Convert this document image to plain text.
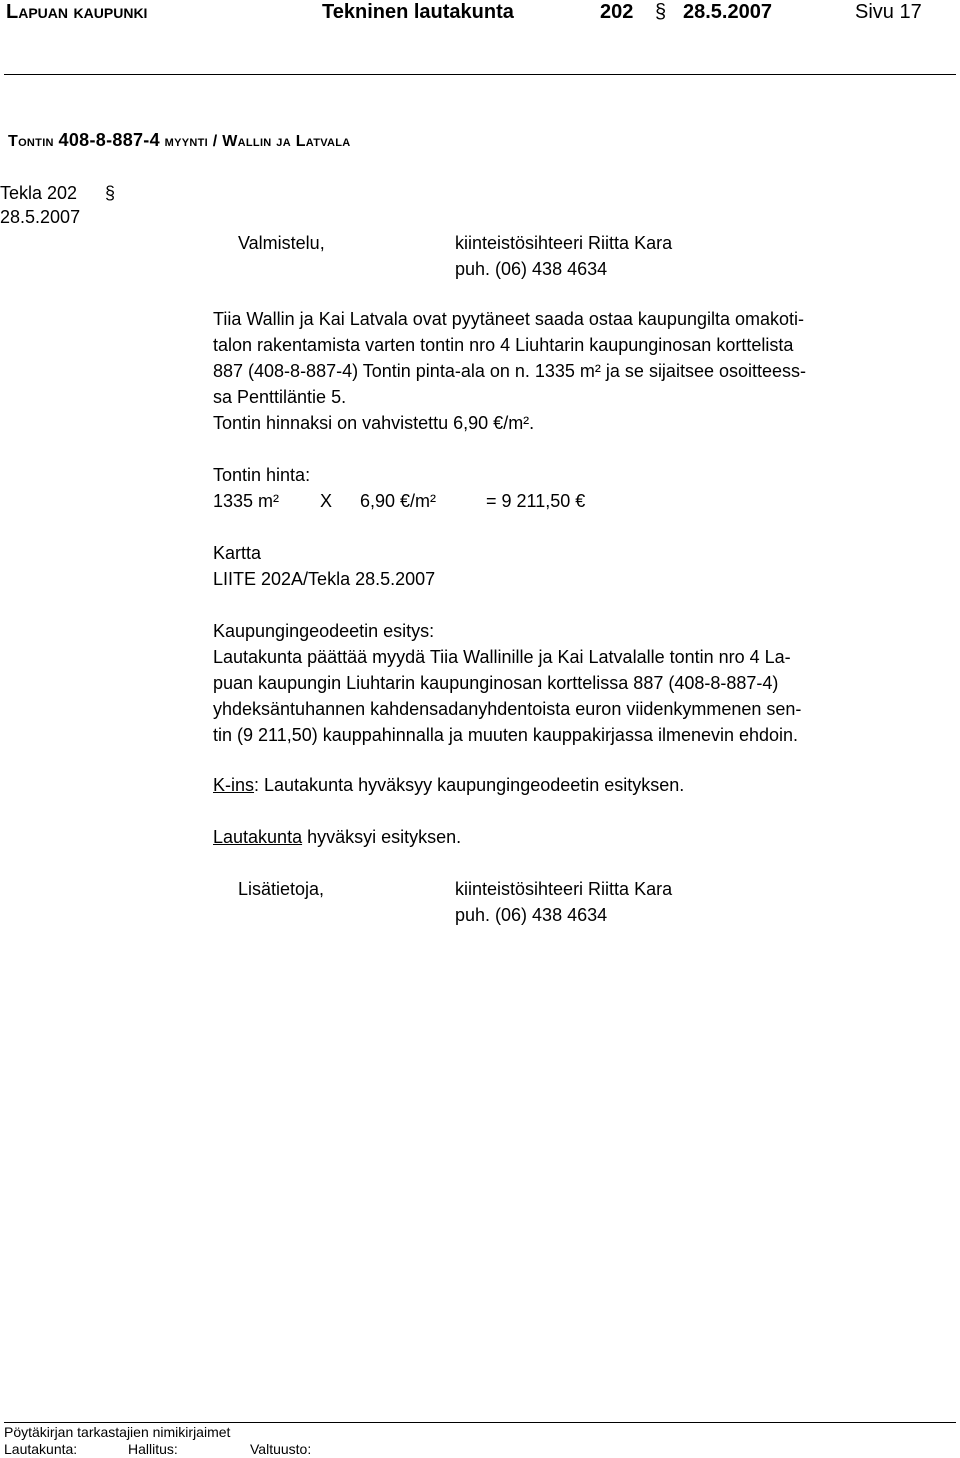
Lapuan kaupunki	Tekninen lautakunta	202 § 28.5.2007	Sivu 17
Tontin 408-8-887-4 myynti / Wallin ja Latvala
Tekla 202 §
28.5.2007
Valmistelu,	kiinteistösihteeri Riitta Kara
puh. (06) 438 4634
Tiia Wallin ja Kai Latvala ovat pyytäneet saada ostaa kaupungilta omakoti-
talon rakentamista varten tontin nro 4 Liuhtarin kaupunginosan korttelista
887 (408-8-887-4) Tontin pinta-ala on n. 1335 m² ja se sijaitsee osoitteess-
sa Penttiläntie 5.
Tontin hinnaksi on vahvistettu 6,90 €/m².
Tontin hinta:
1335 m² X 6,90 €/m²	= 9 211,50 €
Kartta
LIITE 202A/Tekla 28.5.2007
Kaupungingeodeetin esitys:
Lautakunta päättää myydä Tiia Wallinille ja Kai Latvalalle tontin nro 4 La-
puan kaupungin Liuhtarin kaupunginosan korttelissa 887 (408-8-887-4)
yhdeksäntuhannen kahdensadanyhdentoista euron viidenkymmenen sen-
tin (9 211,50) kauppahinnalla ja muuten kauppakirjassa ilmenevin ehdoin.
K-ins: Lautakunta hyväksyy kaupungingeodeetin esityksen.
Lautakunta hyväksyi esityksen.
Lisätietoja,	kiinteistösihteeri Riitta Kara
puh. (06) 438 4634
Pöytäkirjan tarkastajien nimikirjaimet
Lautakunta:	Hallitus:	Valtuusto:
